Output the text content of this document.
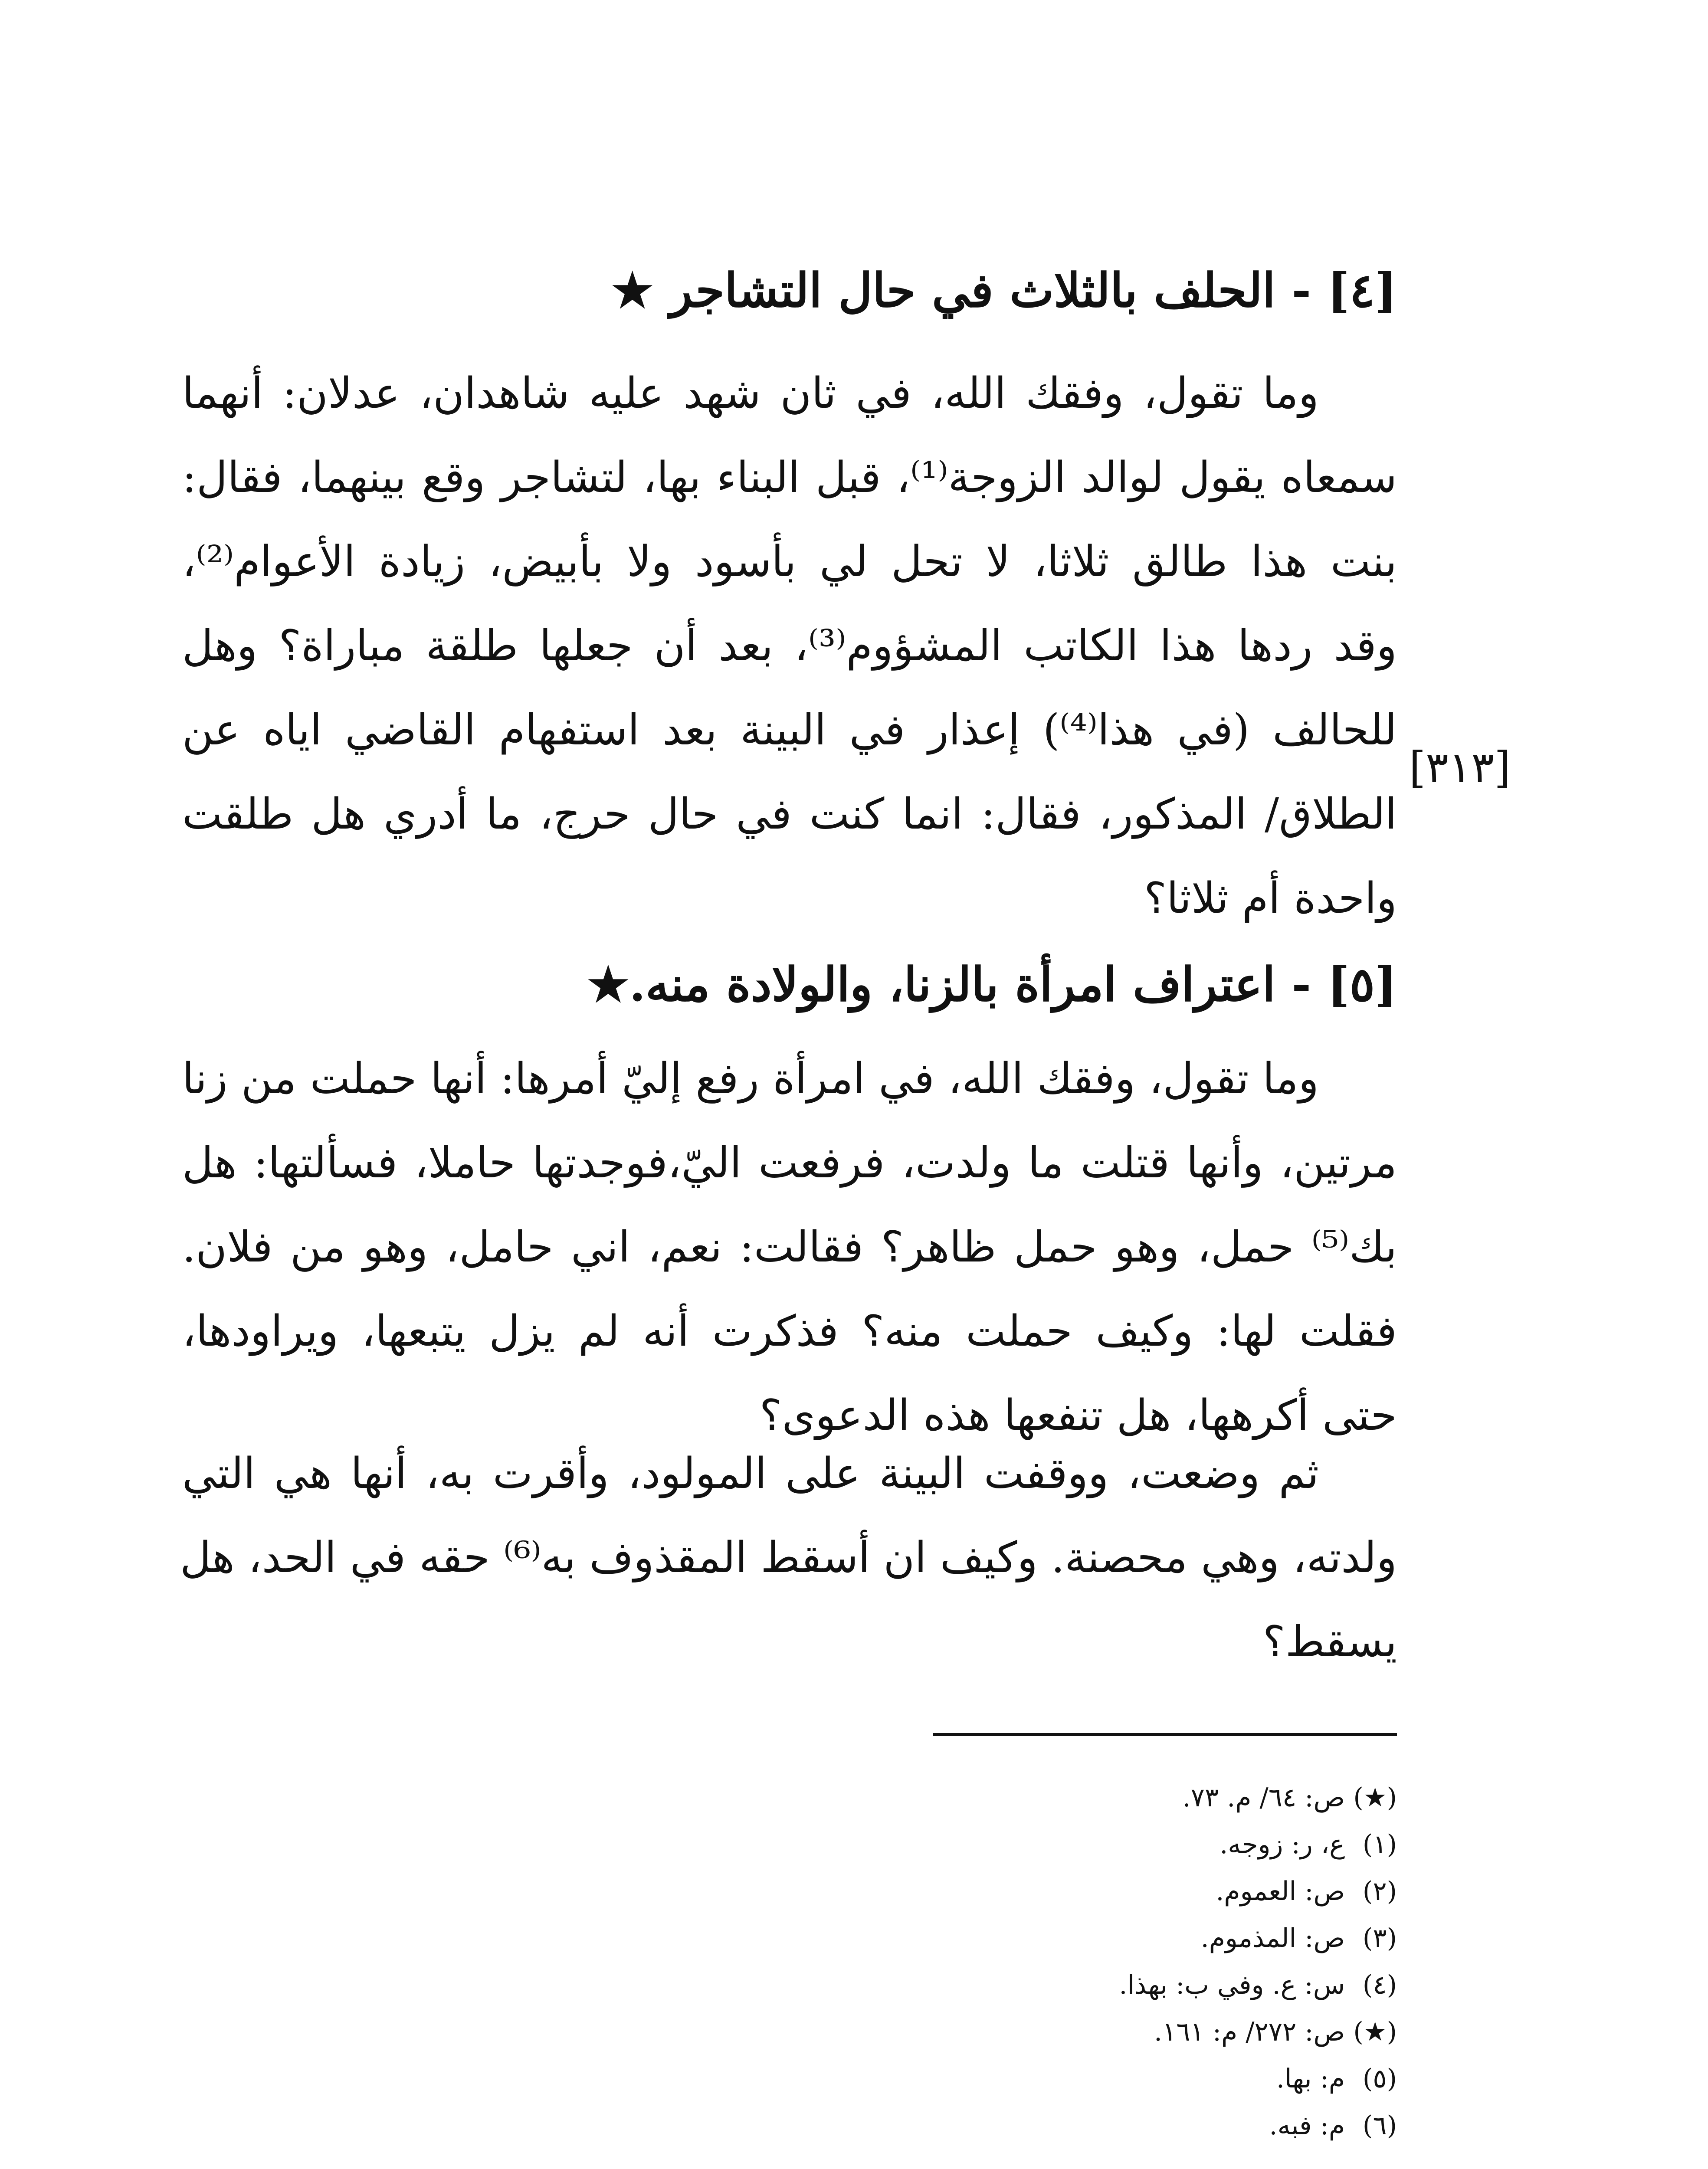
[٤] - الحلف بالثلاث في حال التشاجر ★

وما تقول، وفقك الله، في ثان شهد عليه شاهدان، عدلان: أنهما
سمعاه يقول لوالد الزوجة⁽¹⁾، قبل البناء بها، لتشاجر وقع بينهما، فقال:
بنت هذا طالق ثلاثا، لا تحل لي بأسود ولا بأبيض، زيادة الأعوام⁽²⁾،
وقد ردها هذا الكاتب المشؤوم⁽³⁾، بعد أن جعلها طلقة مباراة؟ وهل
للحالف (في هذا⁽⁴⁾) إعذار في البينة بعد استفهام القاضي اياه عن
الطلاق/ المذكور، فقال: انما كنت في حال حرج، ما أدري هل طلقت
واحدة أم ثلاثا؟

[٣١٣]
[٥] - اعتراف امرأة بالزنا، والولادة منه.★

وما تقول، وفقك الله، في امرأة رفع إليّ أمرها: أنها حملت من زنا
مرتين، وأنها قتلت ما ولدت، فرفعت اليّ،فوجدتها حاملا، فسألتها: هل
بك⁽⁵⁾ حمل، وهو حمل ظاهر؟ فقالت: نعم، اني حامل، وهو من فلان.
فقلت لها: وكيف حملت منه؟ فذكرت أنه لم يزل يتبعها، ويراودها،
حتى أكرهها، هل تنفعها هذه الدعوى؟

ثم وضعت، ووقفت البينة على المولود، وأقرت به، أنها هي التي
ولدته، وهي محصنة. وكيف ان أسقط المقذوف به⁽⁶⁾ حقه في الحد، هل
يسقط؟

(★)ص: ٦٤/ م. ٧٣.
(١)ع، ر: زوجه.
(٢)ص: العموم.
(٣)ص: المذموم.
(٤)س: ع. وفي ب: بهذا.
(★)ص: ٢٧٢/ م: ١٦١.
(٥)م: بها.
(٦)م: فبه.
